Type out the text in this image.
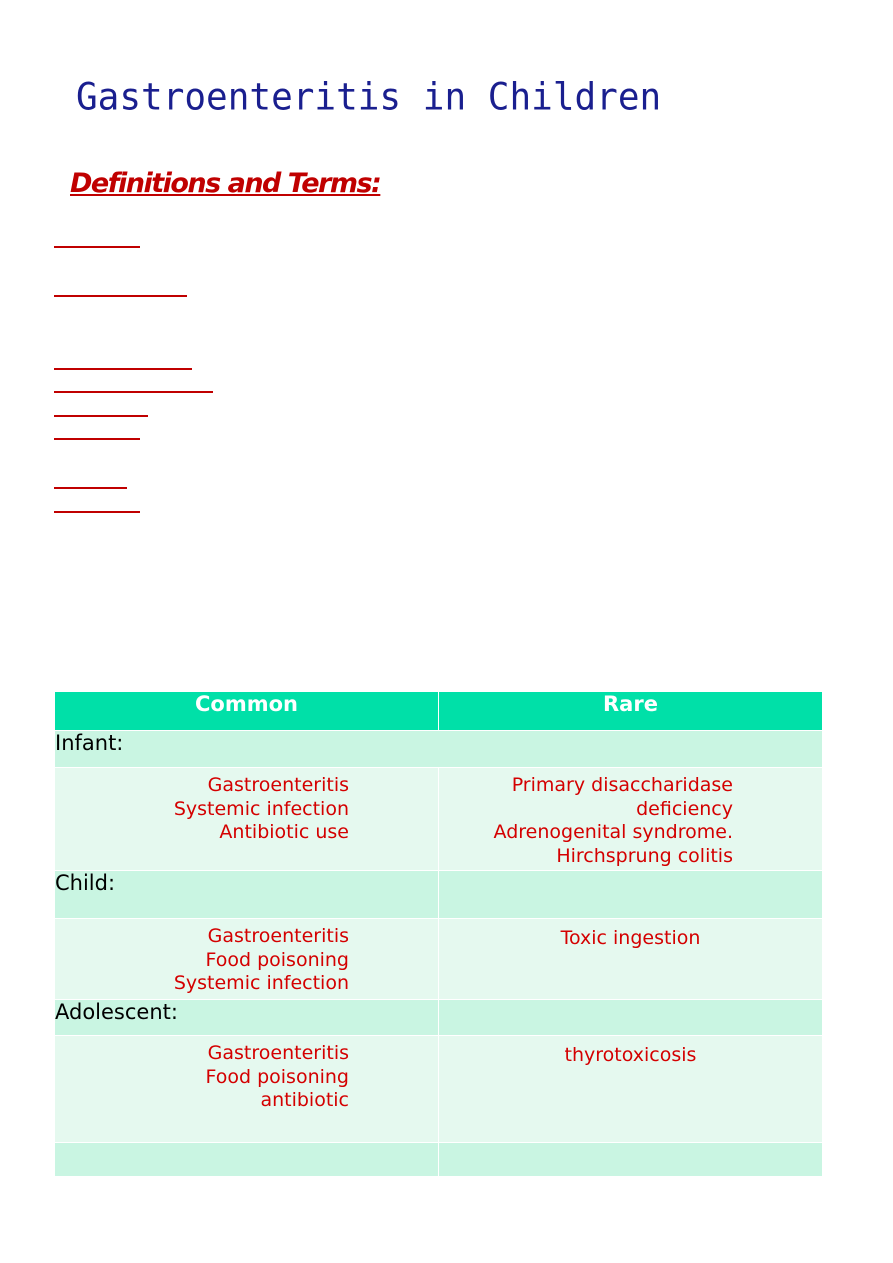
Gastroenteritis in Children
Definitions and Terms:
Common	Rare
Infant:	

Gastroenteritis
Systemic infection
Antibiotic use	Primary disaccharidase
deficiency
Adrenogenital syndrome.
Hirchsprung colitis

Child:	

Gastroenteritis
Food poisoning
Systemic infection	Toxic ingestion

Adolescent:	

Gastroenteritis
Food poisoning
antibiotic	thyrotoxicosis
